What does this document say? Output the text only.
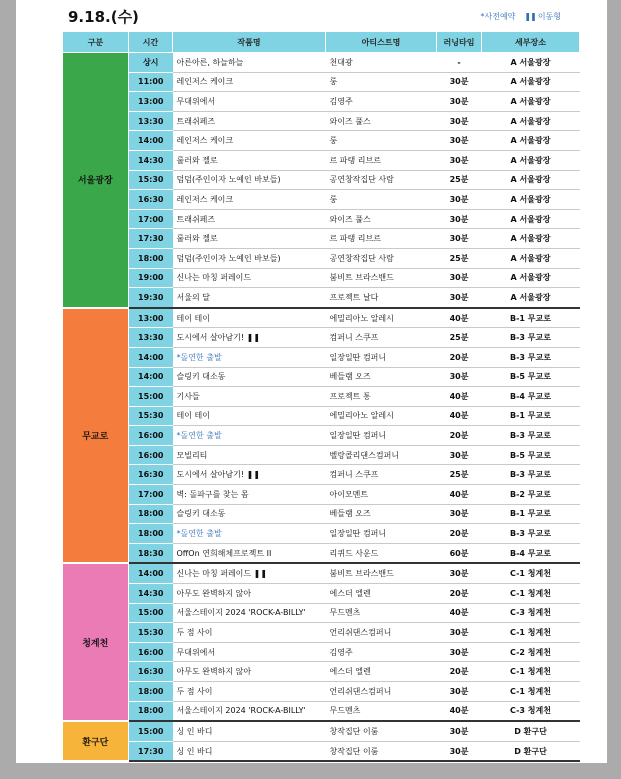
9.18.(수)	*사전예약 ❚❚ 이동형
구분	시간	작품명	아티스트명	러닝타임	세부장소
서울광장	상시	아른아른, 하늘하늘	천대광	-	A 서울광장
	11:00	레인저스 케이크	룽	30분	A 서울광장
	13:00	무대위에서	김영주	30분	A 서울광장
	13:30	트래쉬페즈	와이즈 풀스	30분	A 서울광장
	14:00	레인저스 케이크	룽	30분	A 서울광장
	14:30	룰러와 젤로	르 파탱 리브르	30분	A 서울광장
	15:30	덤덤(주인이자 노예인 바보들)	공연창작집단 사람	25분	A 서울광장
	16:30	레인저스 케이크	룽	30분	A 서울광장
	17:00	트래쉬페즈	와이즈 풀스	30분	A 서울광장
	17:30	룰러와 젤로	르 파탱 리브르	30분	A 서울광장
	18:00	덤덤(주인이자 노예인 바보들)	공연창작집단 사람	25분	A 서울광장
	19:00	신나는 마칭 퍼레이드	붐비트 브라스밴드	30분	A 서울광장
	19:30	서울의 달	프로젝트 날다	30분	A 서울광장
무교로	13:00	테이 테이	에밀리아노 알레시	40분	B-1 무교로
	13:30	도시에서 살아남기! ❚❚	컴퍼니 스쿠프	25분	B-3 무교로
	14:00	*돌연한 출발	일장일딴 컴퍼니	20분	B-3 무교로
	14:00	슬링키 대소동	베들램 오즈	30분	B-5 무교로
	15:00	기사들	프로젝트 통	40분	B-4 무교로
	15:30	테이 테이	에밀리아노 알레시	40분	B-1 무교로
	16:00	*돌연한 출발	일장일딴 컴퍼니	20분	B-3 무교로
	16:00	모빌리티	벨랑콜리댄스컴퍼니	30분	B-5 무교로
	16:30	도시에서 살아남기! ❚❚	컴퍼니 스쿠프	25분	B-3 무교로
	17:00	벽: 돌파구를 찾는 몸	아이모멘트	40분	B-2 무교로
	18:00	슬링키 대소동	베들램 오즈	30분	B-1 무교로
	18:00	*돌연한 출발	일장일딴 컴퍼니	20분	B-3 무교로
	18:30	OffOn 연희해체프로젝트 II	리퀴드 사운드	60분	B-4 무교로
청계천	14:00	신나는 마칭 퍼레이드 ❚❚	붐비트 브라스밴드	30분	C-1 청계천
	14:30	아무도 완벽하지 않아	에스더 엘렌	20분	C-1 청계천
	15:00	서울스테이지 2024 'ROCK-A-BILLY'	무드멘츠	40분	C-3 청계천
	15:30	두 점 사이	언리쉬댄스컴퍼니	30분	C-1 청계천
	16:00	무대위에서	김영주	30분	C-2 청계천
	16:30	아무도 완벽하지 않아	에스더 엘렌	20분	C-1 청계천
	18:00	두 점 사이	언리쉬댄스컴퍼니	30분	C-1 청계천
	18:00	서울스테이지 2024 'ROCK-A-BILLY'	무드멘츠	40분	C-3 청계천
환구단	15:00	싱 인 바디	창작집단 이룸	30분	D 환구단
	17:30	싱 인 바디	창작집단 이룸	30분	D 환구단
